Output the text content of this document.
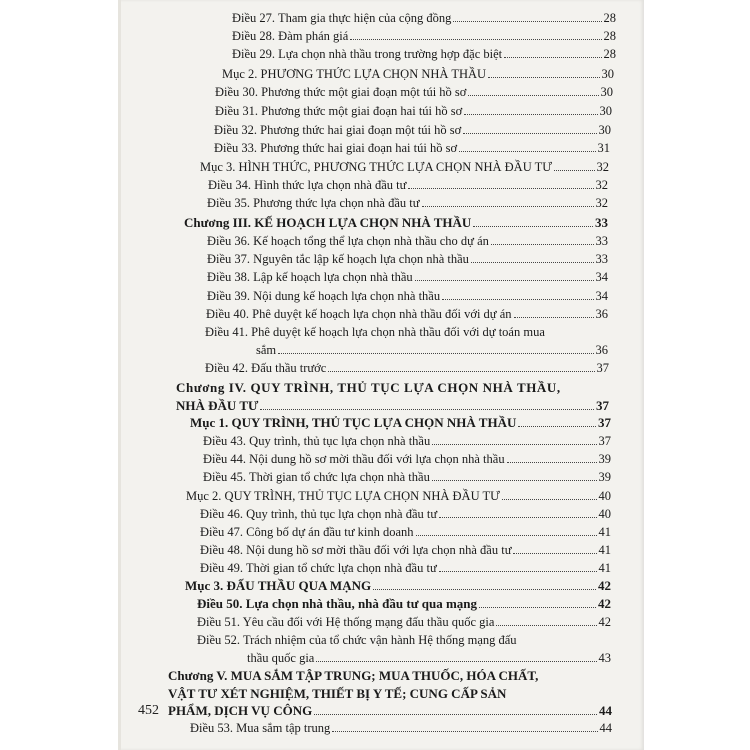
Điều 27. Tham gia thực hiện của cộng đồng	28
Điều 28. Đàm phán giá	28
Điều 29. Lựa chọn nhà thầu trong trường hợp đặc biệt	28
Mục 2. PHƯƠNG THỨC LỰA CHỌN NHÀ THẦU	30
Điều 30. Phương thức một giai đoạn một túi hồ sơ	30
Điều 31. Phương thức một giai đoạn hai túi hồ sơ	30
Điều 32. Phương thức hai giai đoạn một túi hồ sơ	30
Điều 33. Phương thức hai giai đoạn hai túi hồ sơ	31
Mục 3. HÌNH THỨC, PHƯƠNG THỨC LỰA CHỌN NHÀ ĐẦU TƯ	32
Điều 34. Hình thức lựa chọn nhà đầu tư	32
Điều 35. Phương thức lựa chọn nhà đầu tư	32
Chương III. KẾ HOẠCH LỰA CHỌN NHÀ THẦU	33
Điều 36. Kế hoạch tổng thể lựa chọn nhà thầu cho dự án	33
Điều 37. Nguyên tắc lập kế hoạch lựa chọn nhà thầu	33
Điều 38. Lập kế hoạch lựa chọn nhà thầu	34
Điều 39. Nội dung kế hoạch lựa chọn nhà thầu	34
Điều 40. Phê duyệt kế hoạch lựa chọn nhà thầu đối với dự án	36
Điều 41. Phê duyệt kế hoạch lựa chọn nhà thầu đối với dự toán mua
sắm	36
Điều 42. Đấu thầu trước	37
Chương IV. QUY TRÌNH, THỦ TỤC LỰA CHỌN NHÀ THẦU,
NHÀ ĐẦU TƯ	37
Mục 1. QUY TRÌNH, THỦ TỤC LỰA CHỌN NHÀ THẦU	37
Điều 43. Quy trình, thủ tục lựa chọn nhà thầu	37
Điều 44. Nội dung hồ sơ mời thầu đối với lựa chọn nhà thầu	39
Điều 45. Thời gian tổ chức lựa chọn nhà thầu	39
Mục 2. QUY TRÌNH, THỦ TỤC LỰA CHỌN NHÀ ĐẦU TƯ	40
Điều 46. Quy trình, thủ tục lựa chọn nhà đầu tư	40
Điều 47. Công bố dự án đầu tư kinh doanh	41
Điều 48. Nội dung hồ sơ mời thầu đối với lựa chọn nhà đầu tư	41
Điều 49. Thời gian tổ chức lựa chọn nhà đầu tư	41
Mục 3. ĐẤU THẦU QUA MẠNG	42
Điều 50. Lựa chọn nhà thầu, nhà đầu tư qua mạng	42
Điều 51. Yêu cầu đối với Hệ thống mạng đấu thầu quốc gia	42
Điều 52. Trách nhiệm của tổ chức vận hành Hệ thống mạng đấu
thầu quốc gia	43
Chương V. MUA SẮM TẬP TRUNG; MUA THUỐC, HÓA CHẤT,
VẬT TƯ XÉT NGHIỆM, THIẾT BỊ Y TẾ; CUNG CẤP SẢN
PHẨM, DỊCH VỤ CÔNG	44
Điều 53. Mua sắm tập trung	44
452
